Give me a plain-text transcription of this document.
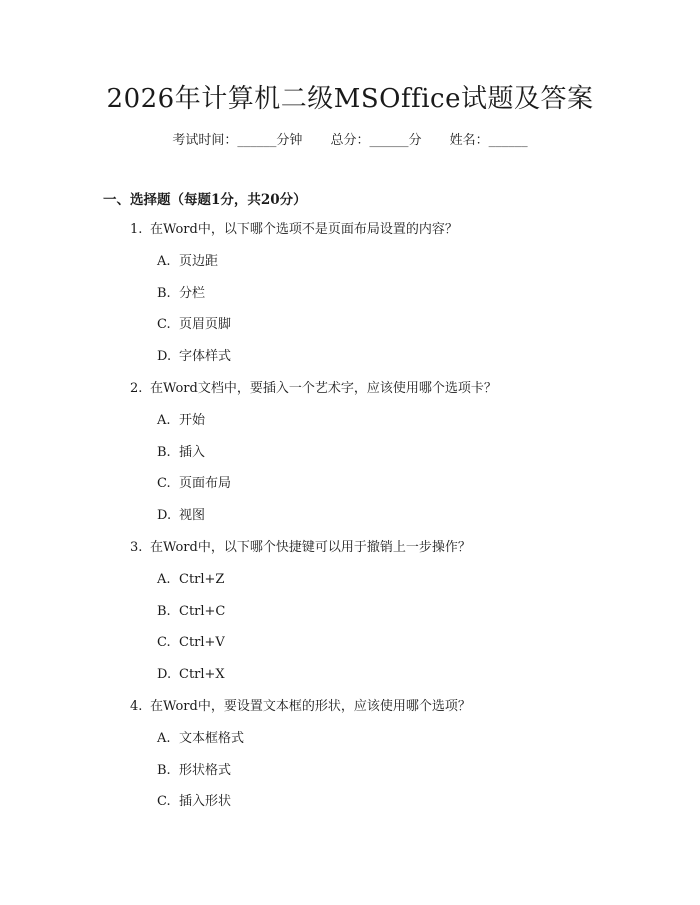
2026年计算机二级MSOffice试题及答案
考试时间：______分钟 总分：______分 姓名：______
一、选择题（每题1分，共20分）
1. 在Word中，以下哪个选项不是页面布局设置的内容？
A. 页边距
B. 分栏
C. 页眉页脚
D. 字体样式
2. 在Word文档中，要插入一个艺术字，应该使用哪个选项卡？
A. 开始
B. 插入
C. 页面布局
D. 视图
3. 在Word中，以下哪个快捷键可以用于撤销上一步操作？
A. Ctrl+Z
B. Ctrl+C
C. Ctrl+V
D. Ctrl+X
4. 在Word中，要设置文本框的形状，应该使用哪个选项？
A. 文本框格式
B. 形状格式
C. 插入形状
